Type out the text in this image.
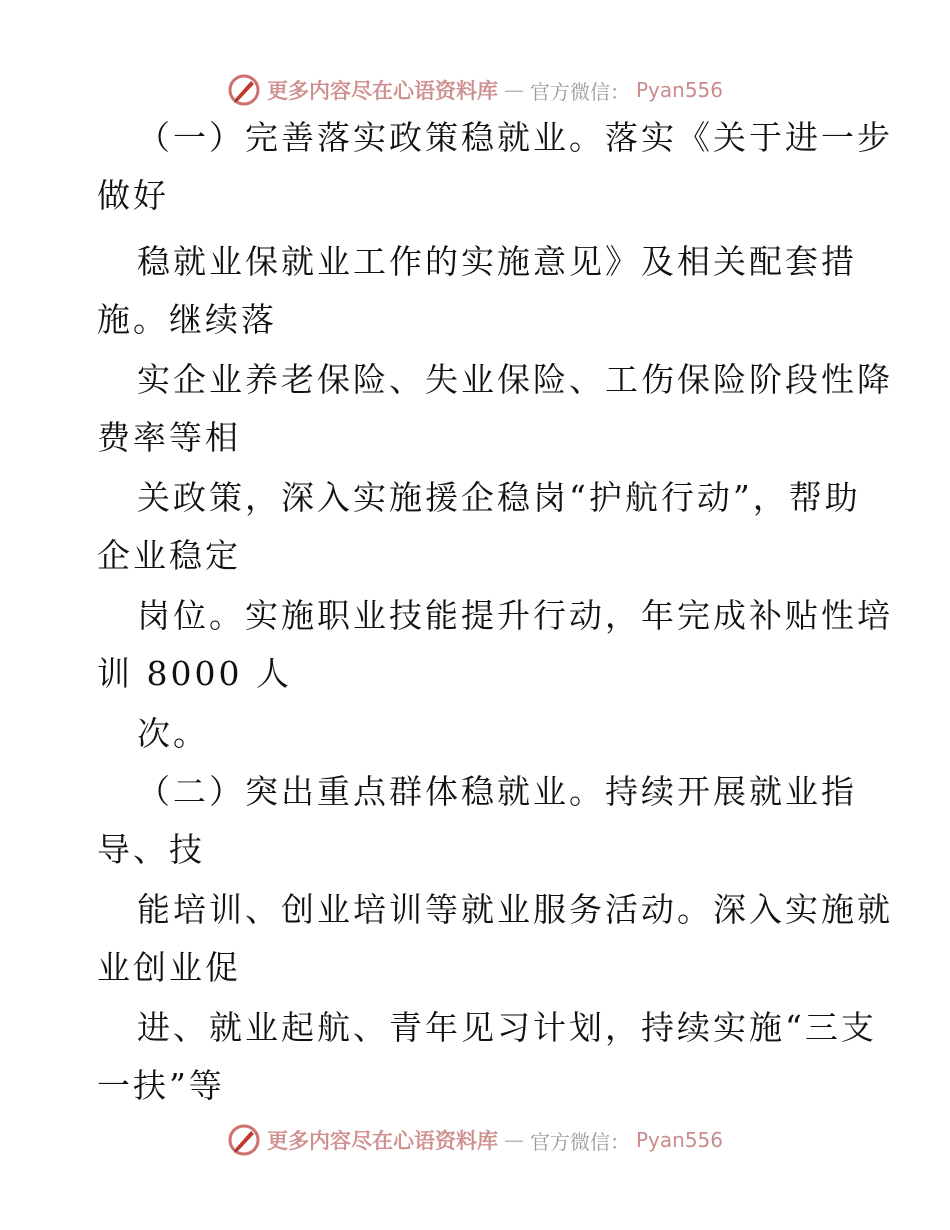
更多内容尽在心语资料库 — 官方微信： Pyan556
（一）完善落实政策稳就业。落实《关于进一步
做好
稳就业保就业工作的实施意见》及相关配套措
施。继续落
实企业养老保险、失业保险、工伤保险阶段性降
费率等相
关政策，深入实施援企稳岗“护航行动”，帮助
企业稳定
岗位。实施职业技能提升行动，年完成补贴性培
训 8000 人
次。
（二）突出重点群体稳就业。持续开展就业指
导、技
能培训、创业培训等就业服务活动。深入实施就
业创业促
进、就业起航、青年见习计划，持续实施“三支
一扶”等
更多内容尽在心语资料库 — 官方微信： Pyan556
